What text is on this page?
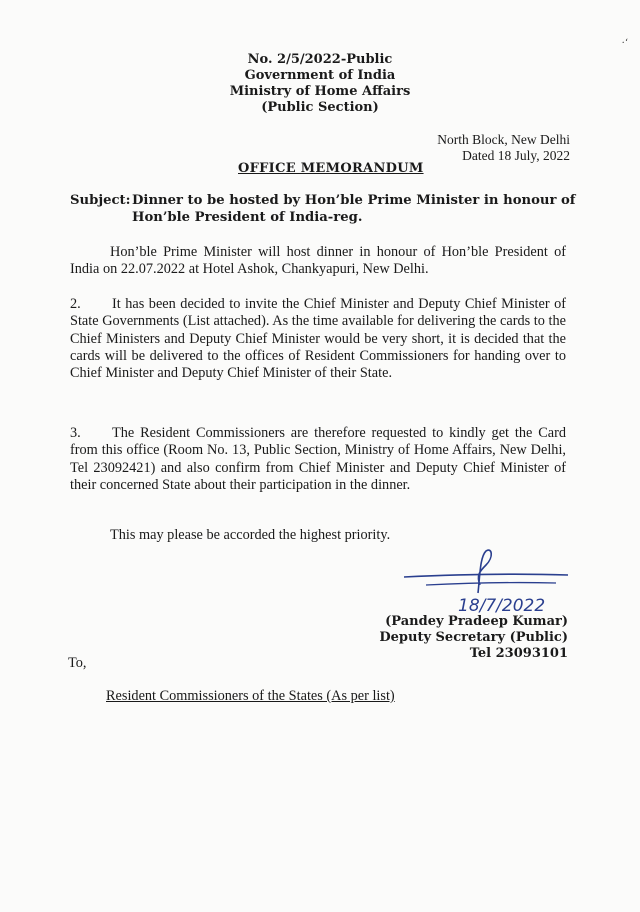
·ʻ
No. 2/5/2022-Public
Government of India
Ministry of Home Affairs
(Public Section)
North Block, New Delhi
Dated 18 July, 2022
OFFICE MEMORANDUM
Subject: Dinner to be hosted by Hon’ble Prime Minister in honour of
Hon’ble President of India-reg.
Hon’ble Prime Minister will host dinner in honour of Hon’ble President of India on 22.07.2022 at Hotel Ashok, Chankyapuri, New Delhi.
2. It has been decided to invite the Chief Minister and Deputy Chief Minister of State Governments (List attached). As the time available for delivering the cards to the Chief Ministers and Deputy Chief Minister would be very short, it is decided that the cards will be delivered to the offices of Resident Commissioners for handing over to Chief Minister and Deputy Chief Minister of their State.
3. The Resident Commissioners are therefore requested to kindly get the Card from this office (Room No. 13, Public Section, Ministry of Home Affairs, New Delhi, Tel 23092421) and also confirm from Chief Minister and Deputy Chief Minister of their concerned State about their participation in the dinner.
This may please be accorded the highest priority.
18/7/2022
(Pandey Pradeep Kumar)
Deputy Secretary (Public)
Tel 23093101
To,
Resident Commissioners of the States (As per list)
